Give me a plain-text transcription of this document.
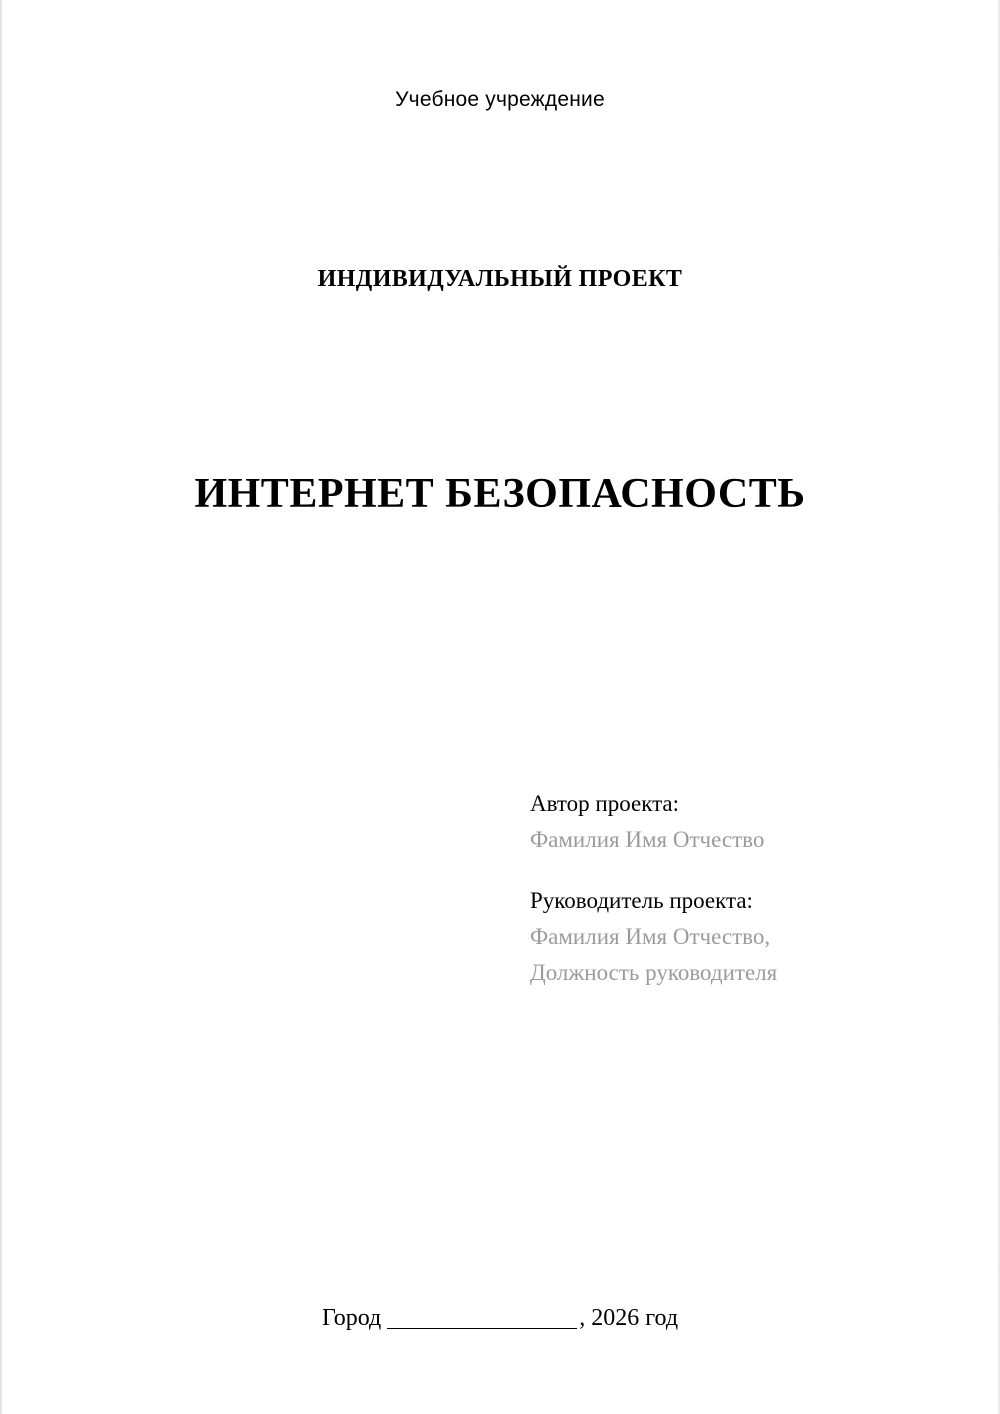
Учебное учреждение
ИНДИВИДУАЛЬНЫЙ ПРОЕКТ
ИНТЕРНЕТ БЕЗОПАСНОСТЬ
Автор проекта:
Фамилия Имя Отчество
Руководитель проекта:
Фамилия Имя Отчество,
Должность руководителя
Город	, 2026 год
